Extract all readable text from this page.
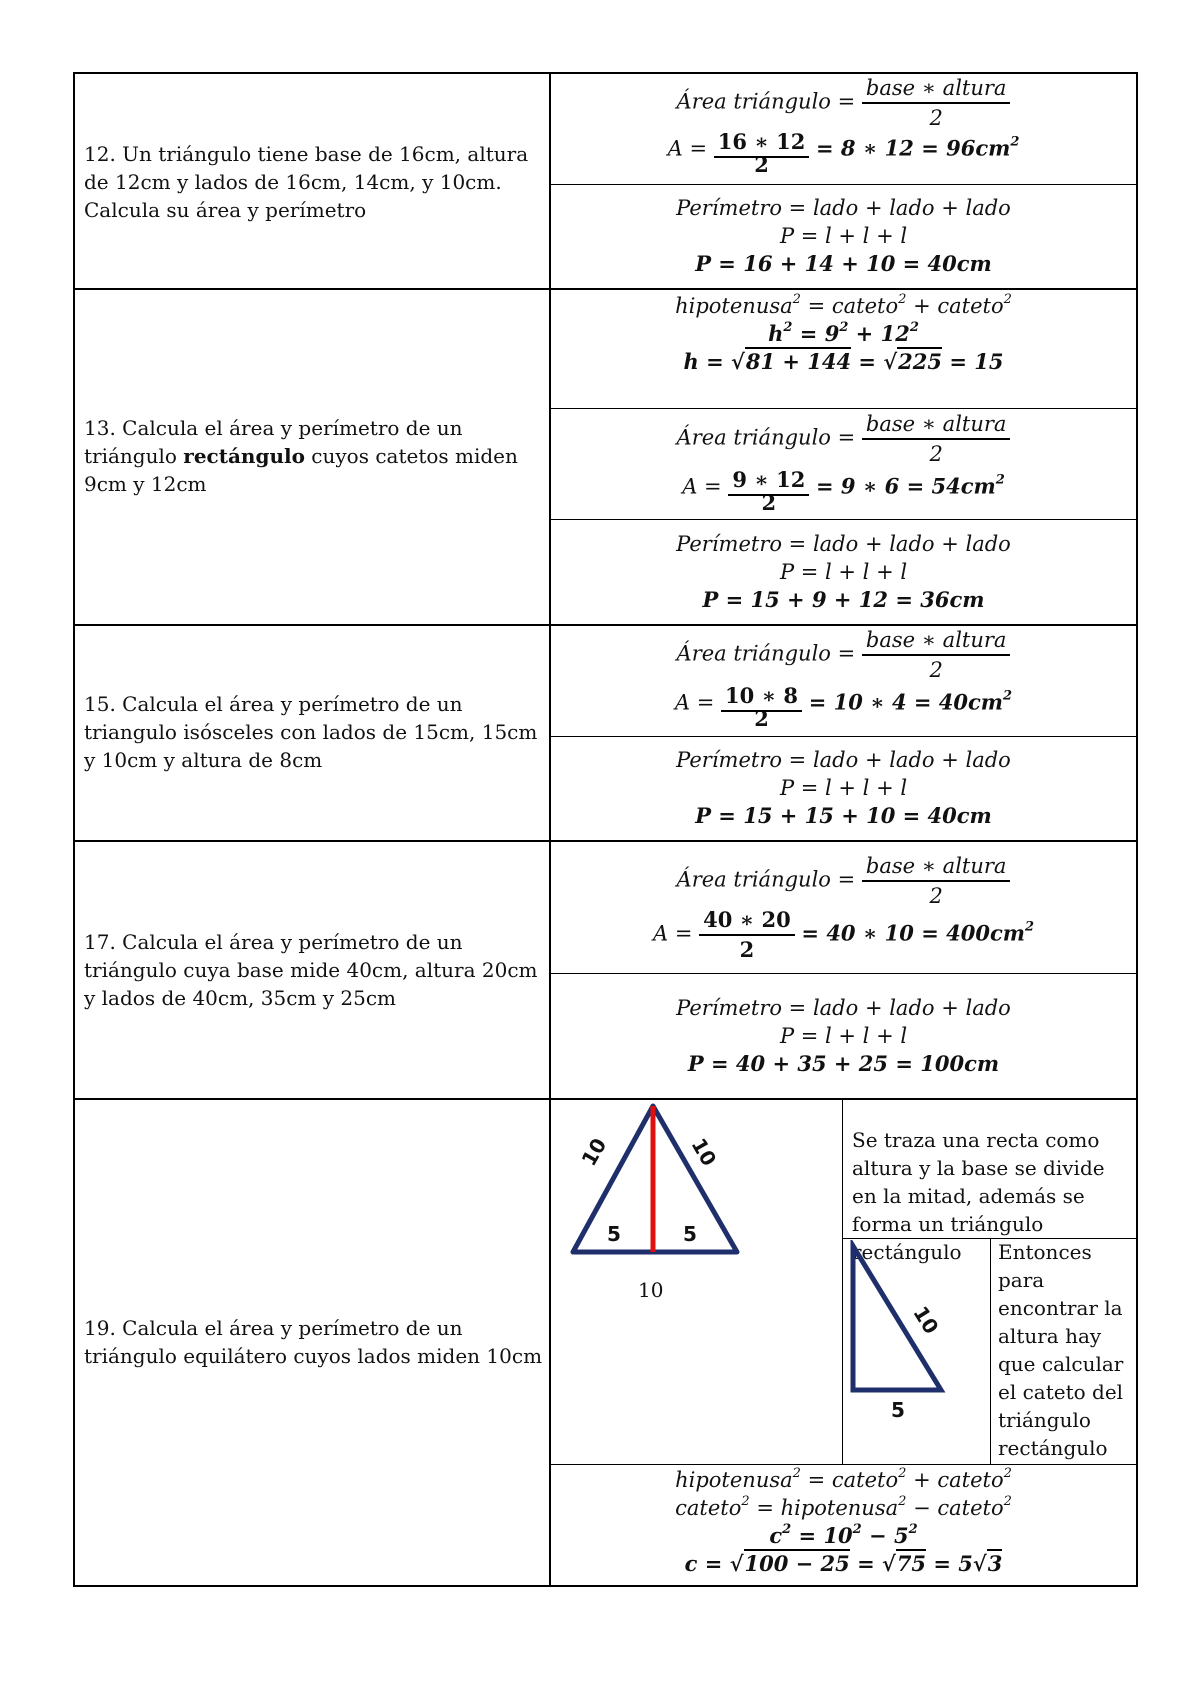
12. Un triángulo tiene base de 16cm, altura de 12cm y lados de 16cm, 14cm, y 10cm. Calcula su área y perímetro
13. Calcula el área y perímetro de un triángulo rectángulo cuyos catetos miden 9cm y 12cm
15. Calcula el área y perímetro de un triangulo isósceles con lados de 15cm, 15cm y 10cm y altura de 8cm
17. Calcula el área y perímetro de un triángulo cuya base mide 40cm, altura 20cm y lados de 40cm, 35cm y 25cm
19. Calcula el área y perímetro de un triángulo equilátero cuyos lados miden 10cm
Área triángulo = $\frac{\text{base ∗ altura}}{2}$
$A = \frac{16 ∗ 12}{2} = 8$ ∗ $12 = 96cm^2$
Perímetro = lado + lado + lado
P = l + l + l
P = 16 + 14 + 10 = 40cm
hipotenusa$^2$ = cateto$^2$ + cateto$^2$
$h^2 = 9^2 + 12^2$
h = √81 + 144 = √225 = 15
Área triángulo = $\frac{\text{base ∗ altura}}{2}$
$A = \frac{9 ∗ 12}{2} = 9$ ∗ $6 = 54cm^2$
Perímetro = lado + lado + lado
P = l + l + l
P = 15 + 9 + 12 = 36cm
Área triángulo = $\frac{\text{base ∗ altura}}{2}$
$A = \frac{10 ∗ 8}{2} = 10$ ∗ $4 = 40cm^2$
Perímetro = lado + lado + lado
P = l + l + l
P = 15 + 15 + 10 = 40cm
Área triángulo = $\frac{\text{base ∗ altura}}{2}$
$A = \frac{40 ∗ 20}{2} = 40$ ∗ $10 = 400cm^2$
Perímetro = lado + lado + lado
P = l + l + l
P = 40 + 35 + 25 = 100cm
10	10
5	5
10
Se traza una recta como altura y la base se divide en la mitad, además se forma un triángulo rectángulo
10
5
Entonces para encontrar la altura hay que calcular el cateto del triángulo rectángulo
hipotenusa$^2$ = cateto$^2$ + cateto$^2$
cateto$^2$ = hipotenusa$^2$ − cateto$^2$
$c^2 = 10^2 - 5^2$
c = √100 − 25 = √75 = 5√3
